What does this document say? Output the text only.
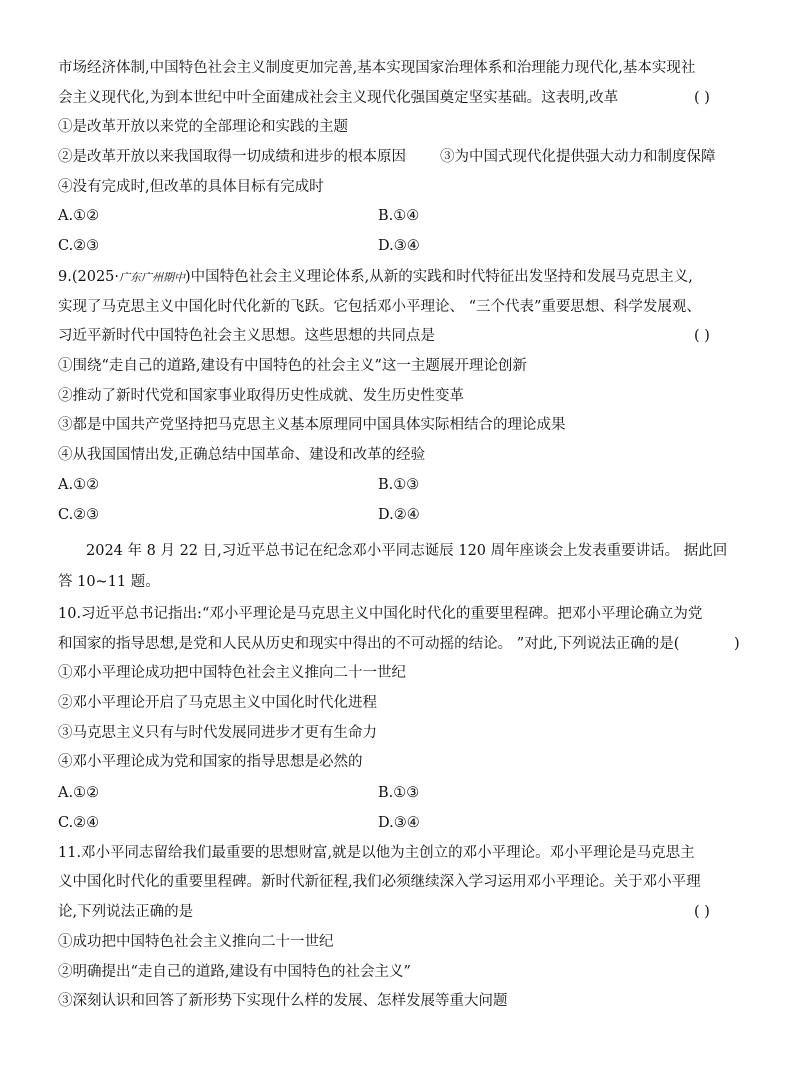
市场经济体制,中国特色社会主义制度更加完善,基本实现国家治理体系和治理能力现代化,基本实现社
会主义现代化,为到本世纪中叶全面建成社会主义现代化强国奠定坚实基础。这表明,改革	( )
①是改革开放以来党的全部理论和实践的主题
②是改革开放以来我国取得一切成绩和进步的根本原因 ③为中国式现代化提供强大动力和制度保障
④没有完成时,但改革的具体目标有完成时
A.①②	B.①④
C.②③	D.③④
9.(2025·广东广州期中)中国特色社会主义理论体系,从新的实践和时代特征出发坚持和发展马克思主义,
实现了马克思主义中国化时代化新的飞跃。它包括邓小平理论、 “三个代表”重要思想、科学发展观、
习近平新时代中国特色社会主义思想。这些思想的共同点是	( )
①围绕“走自己的道路,建设有中国特色的社会主义”这一主题展开理论创新
②推动了新时代党和国家事业取得历史性成就、发生历史性变革
③都是中国共产党坚持把马克思主义基本原理同中国具体实际相结合的理论成果
④从我国国情出发,正确总结中国革命、建设和改革的经验
A.①②	B.①③
C.②③	D.②④
2024 年 8 月 22 日,习近平总书记在纪念邓小平同志诞辰 120 周年座谈会上发表重要讲话。 据此回
答 10~11 题。
10.习近平总书记指出:“邓小平理论是马克思主义中国化时代化的重要里程碑。把邓小平理论确立为党
和国家的指导思想,是党和人民从历史和现实中得出的不可动摇的结论。 ”对此,下列说法正确的是(	)
①邓小平理论成功把中国特色社会主义推向二十一世纪
②邓小平理论开启了马克思主义中国化时代化进程
③马克思主义只有与时代发展同进步才更有生命力
④邓小平理论成为党和国家的指导思想是必然的
A.①②	B.①③
C.②④	D.③④
11.邓小平同志留给我们最重要的思想财富,就是以他为主创立的邓小平理论。邓小平理论是马克思主
义中国化时代化的重要里程碑。新时代新征程,我们必须继续深入学习运用邓小平理论。关于邓小平理
论,下列说法正确的是	( )
①成功把中国特色社会主义推向二十一世纪
②明确提出“走自己的道路,建设有中国特色的社会主义”
③深刻认识和回答了新形势下实现什么样的发展、怎样发展等重大问题
